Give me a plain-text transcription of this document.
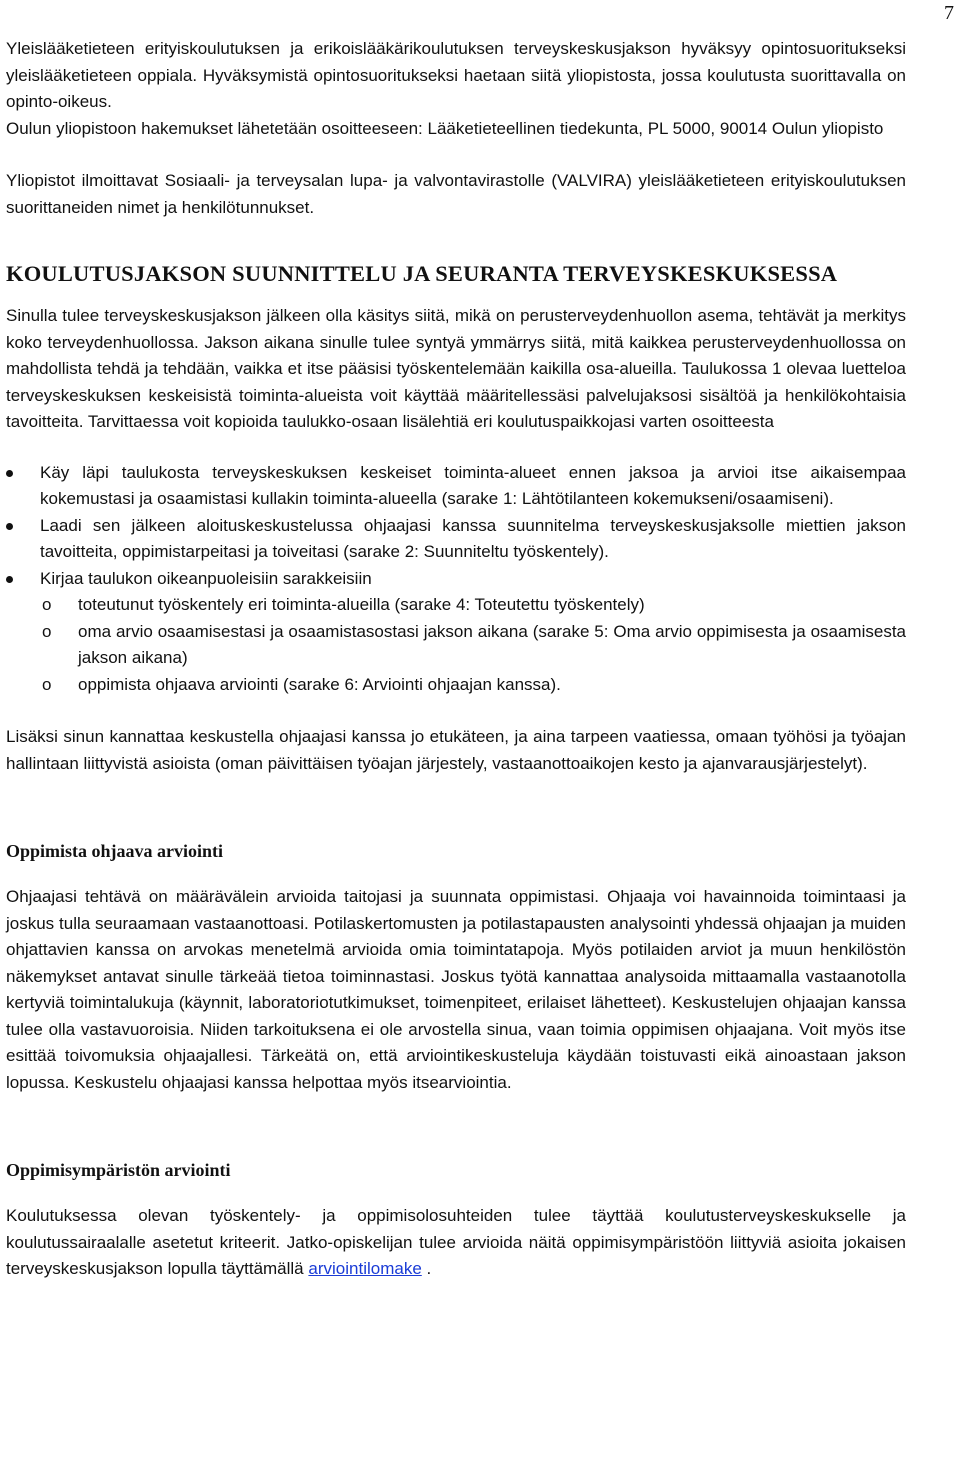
7

Yleislääketieteen erityiskoulutuksen ja erikoislääkärikoulutuksen terveyskeskusjakson hyväksyy opintosuoritukseksi yleislääketieteen oppiala. Hyväksymistä opintosuoritukseksi haetaan siitä yliopistosta, jossa koulutusta suorittavalla on opinto-oikeus.

Oulun yliopistoon hakemukset lähetetään osoitteeseen: Lääketieteellinen tiedekunta, PL 5000, 90014 Oulun yliopisto

Yliopistot ilmoittavat Sosiaali- ja terveysalan lupa- ja valvontavirastolle (VALVIRA) yleislääketieteen erityiskoulutuksen suorittaneiden nimet ja henkilötunnukset.

KOULUTUSJAKSON SUUNNITTELU JA SEURANTA TERVEYSKESKUKSESSA

Sinulla tulee terveyskeskusjakson jälkeen olla käsitys siitä, mikä on perusterveydenhuollon asema, tehtävät ja merkitys koko terveydenhuollossa. Jakson aikana sinulle tulee syntyä ymmärrys siitä, mitä kaikkea perusterveydenhuollossa on mahdollista tehdä ja tehdään, vaikka et itse pääsisi työskentelemään kaikilla osa-alueilla. Taulukossa 1 olevaa luetteloa terveyskeskuksen keskeisistä toiminta-alueista voit käyttää määritellessäsi palvelujaksosi sisältöä ja henkilökohtaisia tavoitteita. Tarvittaessa voit kopioida taulukko-osaan lisälehtiä eri koulutuspaikkojasi varten osoitteesta

Käy läpi taulukosta terveyskeskuksen keskeiset toiminta-alueet ennen jaksoa ja arvioi itse aikaisempaa kokemustasi ja osaamistasi kullakin toiminta-alueella (sarake 1: Lähtötilanteen kokemukseni/osaamiseni).
Laadi sen jälkeen aloituskeskustelussa ohjaajasi kanssa suunnitelma terveyskeskusjaksolle miettien jakson tavoitteita, oppimistarpeitasi ja toiveitasi (sarake 2: Suunniteltu työskentely).
Kirjaa taulukon oikeanpuoleisiin sarakkeisiin
o toteutunut työskentely eri toiminta-alueilla (sarake 4: Toteutettu työskentely)
o oma arvio osaamisestasi ja osaamistasostasi jakson aikana (sarake 5: Oma arvio oppimisesta ja osaamisesta jakson aikana)
o oppimista ohjaava arviointi (sarake 6: Arviointi ohjaajan kanssa).

Lisäksi sinun kannattaa keskustella ohjaajasi kanssa jo etukäteen, ja aina tarpeen vaatiessa, omaan työhösi ja työajan hallintaan liittyvistä asioista (oman päivittäisen työajan järjestely, vastaanottoaikojen kesto ja ajanvarausjärjestelyt).

Oppimista ohjaava arviointi

Ohjaajasi tehtävä on määrävälein arvioida taitojasi ja suunnata oppimistasi. Ohjaaja voi havainnoida toimintaasi ja joskus tulla seuraamaan vastaanottoasi. Potilaskertomusten ja potilastapausten analysointi yhdessä ohjaajan ja muiden ohjattavien kanssa on arvokas menetelmä arvioida omia toimintatapoja. Myös potilaiden arviot ja muun henkilöstön näkemykset antavat sinulle tärkeää tietoa toiminnastasi. Joskus työtä kannattaa analysoida mittaamalla vastaanotolla kertyviä toimintalukuja (käynnit, laboratoriotutkimukset, toimenpiteet, erilaiset lähetteet). Keskustelujen ohjaajan kanssa tulee olla vastavuoroisia. Niiden tarkoituksena ei ole arvostella sinua, vaan toimia oppimisen ohjaajana. Voit myös itse esittää toivomuksia ohjaajallesi. Tärkeätä on, että arviointikeskusteluja käydään toistuvasti eikä ainoastaan jakson lopussa. Keskustelu ohjaajasi kanssa helpottaa myös itsearviointia.

Oppimisympäristön arviointi

Koulutuksessa olevan työskentely- ja oppimisolosuhteiden tulee täyttää koulutusterveyskeskukselle ja koulutussairaalalle asetetut kriteerit. Jatko-opiskelijan tulee arvioida näitä oppimisympäristöön liittyviä asioita jokaisen terveyskeskusjakson lopulla täyttämällä arviointilomake .
